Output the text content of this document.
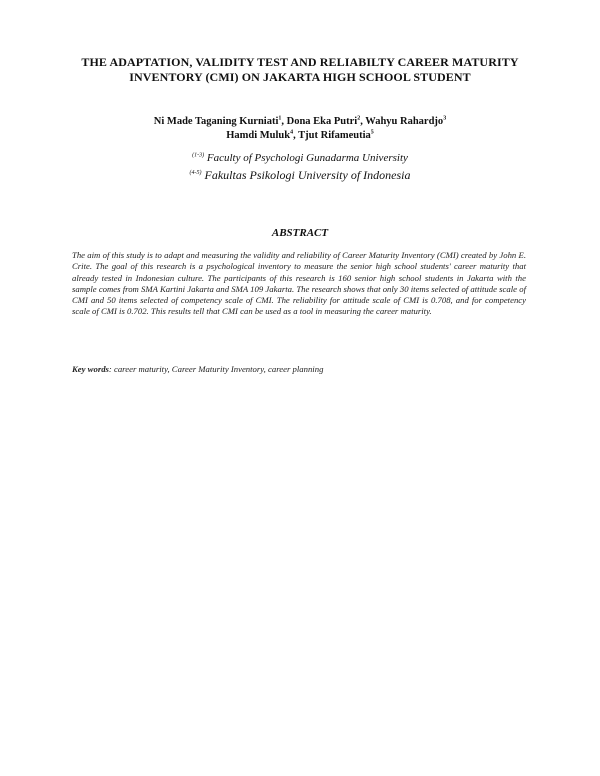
THE ADAPTATION, VALIDITY TEST AND RELIABILTY CAREER MATURITY
INVENTORY (CMI) ON JAKARTA HIGH SCHOOL STUDENT
Ni Made Taganing Kurniati$^1$, Dona Eka Putri$^2$, Wahyu Rahardjo$^3$
Hamdi Muluk$^4$, Tjut Rifameutia$^5$
$^{(1-3)}$ Faculty of Psychologi Gunadarma University
$^{(4-5)}$ Fakultas Psikologi University of Indonesia
ABSTRACT
The aim of this study is to adapt and measuring the validity and reliability of Career Maturity Inventory (CMI) created by John E. Crite. The goal of this research is a psychological inventory to measure the senior high school students' career maturity that already tested in Indonesian culture. The participants of this research is 160 senior high school students in Jakarta with the sample comes from SMA Kartini Jakarta and SMA 109 Jakarta. The research shows that only 30 items selected of attitude scale of CMI and 50 items selected of competency scale of CMI. The reliability for attitude scale of CMI is 0.708, and for competency scale of CMI is 0.702. This results tell that CMI can be used as a tool in measuring the career maturity.
Key words: career maturity, Career Maturity Inventory, career planning
